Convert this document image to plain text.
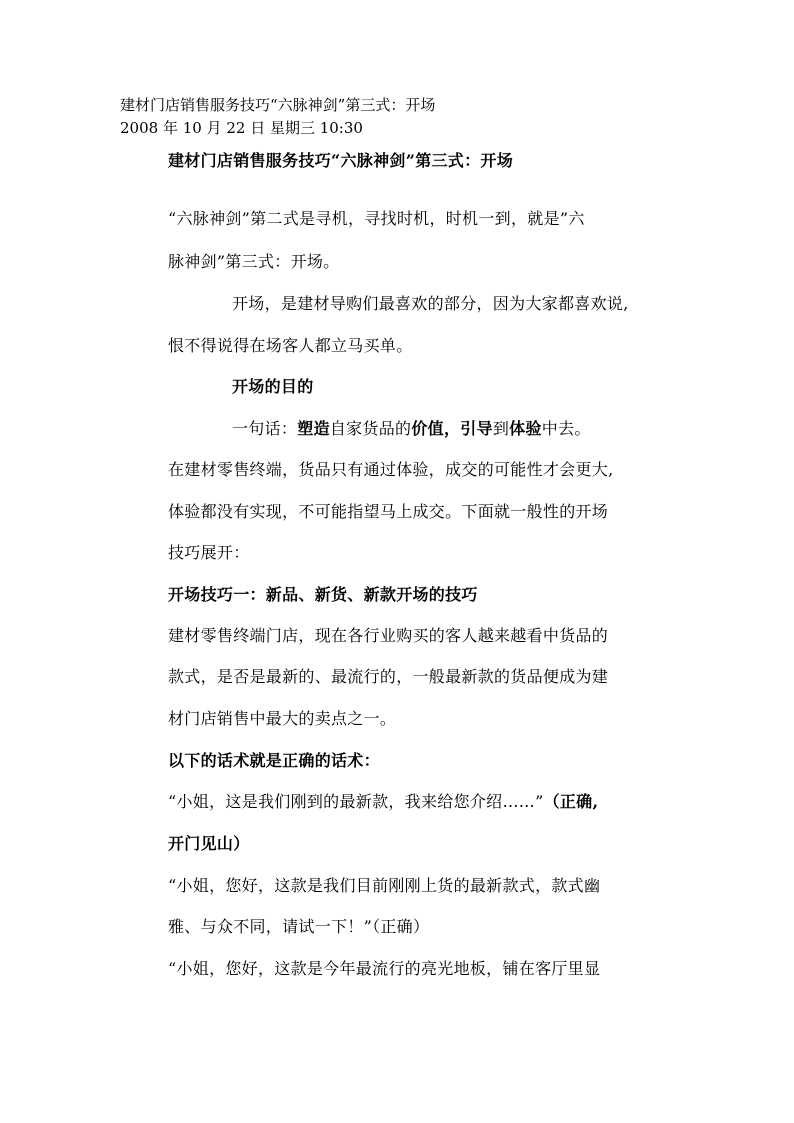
建材门店销售服务技巧“六脉神剑”第三式：开场
2008 年 10 月 22 日 星期三 10:30
建材门店销售服务技巧“六脉神剑”第三式：开场
“六脉神剑”第二式是寻机，寻找时机，时机一到，就是”六
脉神剑”第三式：开场。
开场，是建材导购们最喜欢的部分，因为大家都喜欢说,
恨不得说得在场客人都立马买单。
开场的目的
一句话：塑造自家货品的价值，引导到体验中去。
在建材零售终端，货品只有通过体验，成交的可能性才会更大,
体验都没有实现，不可能指望马上成交。下面就一般性的开场
技巧展开：
开场技巧一：新品、新货、新款开场的技巧
建材零售终端门店，现在各行业购买的客人越来越看中货品的
款式，是否是最新的、最流行的，一般最新款的货品便成为建
材门店销售中最大的卖点之一。
以下的话术就是正确的话术：
“小姐，这是我们刚到的最新款，我来给您介绍……”（正确,
开门见山）
“小姐，您好，这款是我们目前刚刚上货的最新款式，款式幽
雅、与众不同，请试一下！”（正确）
“小姐，您好，这款是今年最流行的亮光地板，铺在客厅里显
